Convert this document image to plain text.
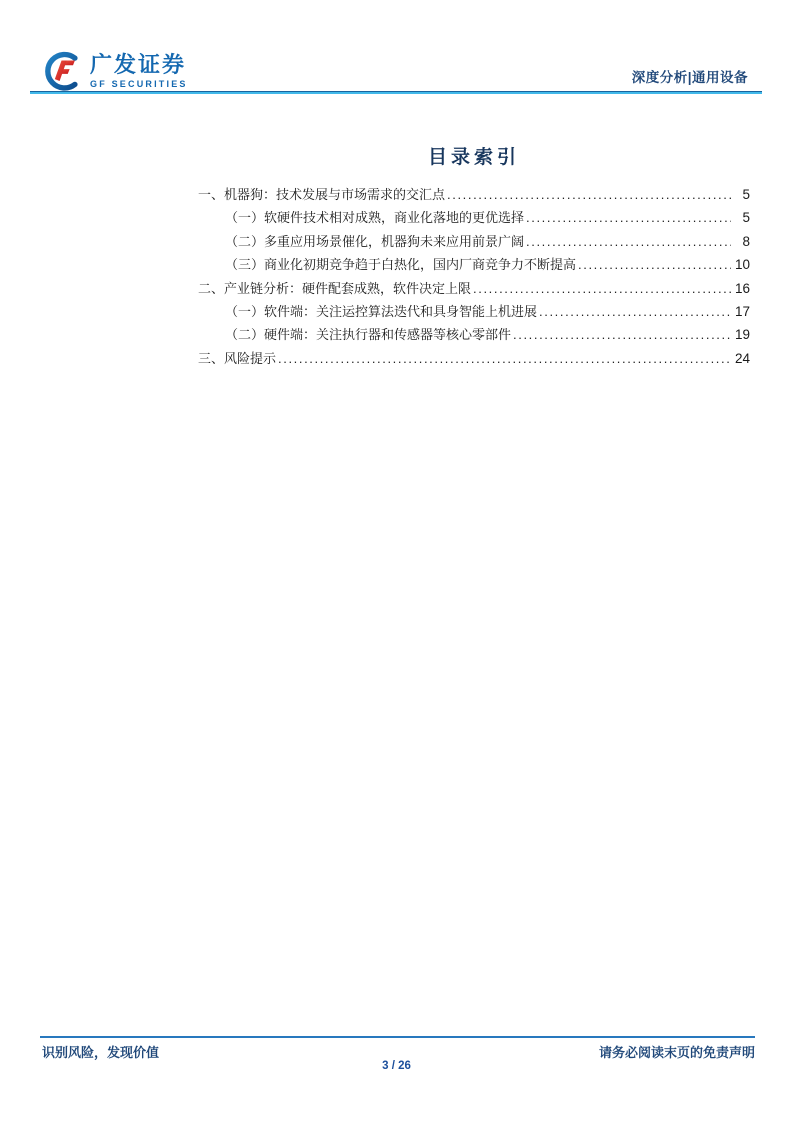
广发证券
GF SECURITIES	深度分析|通用设备
目录索引
一、机器狗：技术发展与市场需求的交汇点 .....	5
（一）软硬件技术相对成熟，商业化落地的更优选择 .....	5
（二）多重应用场景催化，机器狗未来应用前景广阔 .....	8
（三）商业化初期竞争趋于白热化，国内厂商竞争力不断提高 .....	10
二、产业链分析：硬件配套成熟，软件决定上限 .....	16
（一）软件端：关注运控算法迭代和具身智能上机进展 .....	17
（二）硬件端：关注执行器和传感器等核心零部件 .....	19
三、风险提示 .....	24
识别风险，发现价值	请务必阅读末页的免责声明
3 / 26
